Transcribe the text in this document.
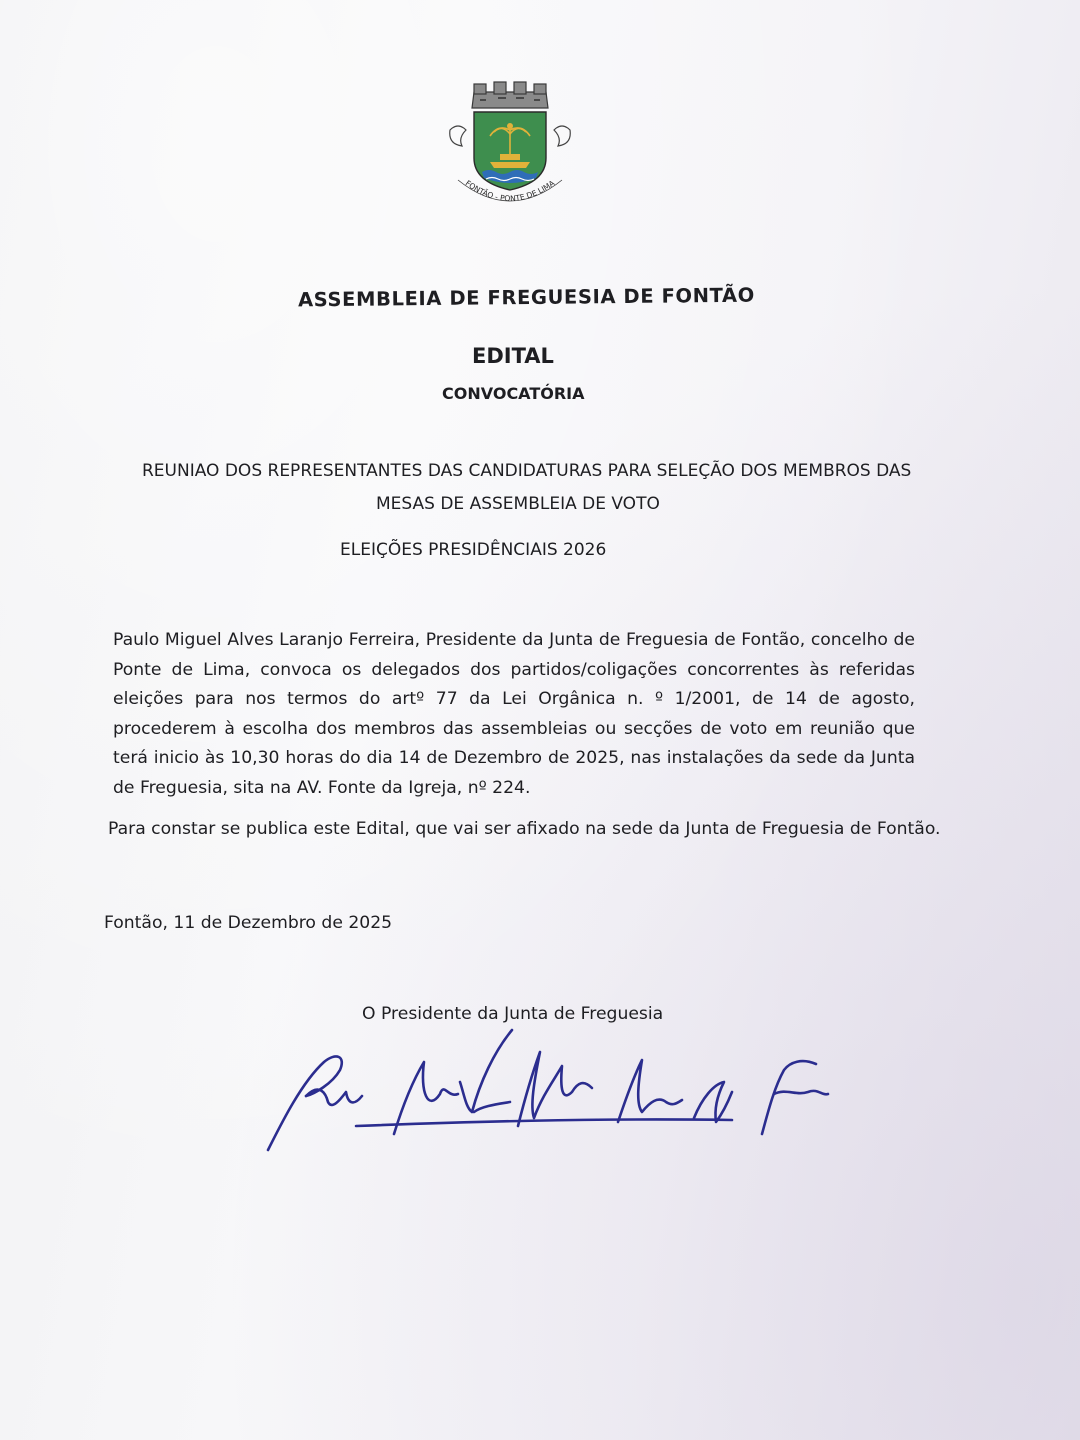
FONTÃO - PONTE DE LIMA

ASSEMBLEIA DE FREGUESIA DE FONTÃO

EDITAL

CONVOCATÓRIA

REUNIAO DOS REPRESENTANTES DAS CANDIDATURAS PARA SELEÇÃO DOS MEMBROS DAS

MESAS DE ASSEMBLEIA DE VOTO

ELEIÇÕES PRESIDÊNCIAIS 2026

Paulo Miguel Alves Laranjo Ferreira, Presidente da Junta de Freguesia de Fontão, concelho de Ponte de Lima, convoca os delegados dos partidos/coligações concorrentes às referidas eleições para nos termos do artº 77 da Lei Orgânica n. º 1/2001, de 14 de agosto, procederem à escolha dos membros das assembleias ou secções de voto em reunião que terá inicio às 10,30 horas do dia 14 de Dezembro de 2025, nas instalações da sede da Junta de Freguesia, sita na AV. Fonte da Igreja, nº 224.

Para constar se publica este Edital, que vai ser afixado na sede da Junta de Freguesia de Fontão.

Fontão, 11 de Dezembro de 2025

O Presidente da Junta de Freguesia
